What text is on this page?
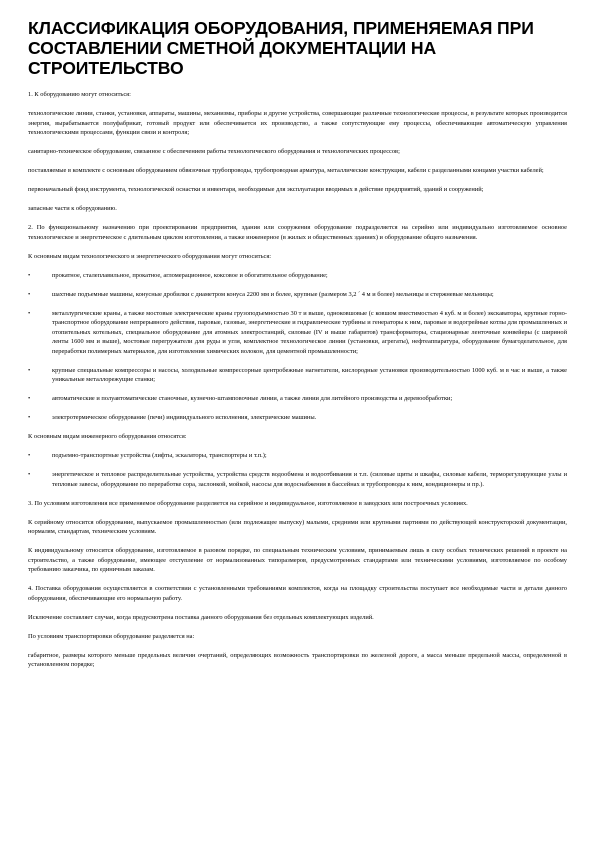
КЛАССИФИКАЦИЯ ОБОРУДОВАНИЯ, ПРИМЕНЯЕМАЯ ПРИ СОСТАВЛЕНИИ СМЕТНОЙ ДОКУМЕНТАЦИИ НА СТРОИТЕЛЬСТВО

1. К оборудованию могут относиться:

технологические линии, станки, установки, аппараты, машины, механизмы, приборы и другие устройства, совершающие различные технологические процессы, в результате которых производится энергия, вырабатывается полуфабрикат, готовый продукт или обеспечивается их производство, а также сопутствующие ему процессы, обеспечивающие автоматическую управления технологическими процессами, функции связи и контроля;

санитарно-техническое оборудование, связанное с обеспечением работы технологического оборудования и технологических процессов;

поставляемые в комплекте с основным оборудованием обвязочные трубопроводы, трубопроводная арматура, металлические конструкции, кабели с разделанными концами участки кабелей;

первоначальный фонд инструмента, технологической оснастки и инвентаря, необходимые для эксплуатации вводимых в действие предприятий, зданий и сооружений;

запасные части к оборудованию.

2. По функциональному назначению при проектировании предприятия, здания или сооружения оборудование подразделяется на серийно или индивидуально изготовляемое основное технологическое и энергетическое с длительным циклом изготовления, а также инженерное (в жилых и общественных зданиях) и оборудование общего назначения.

К основным видам технологического и энергетического оборудования могут относиться:

•	прокатное, сталеплавильное, прокатное, агломерационное, коксовое и обогатительное оборудование;
•	шахтные подъемные машины, конусные дробилки с диаметром конуса 2200 мм и более, крупные (размером 3,2 ´ 4 м и более) мельницы и стержневые мельницы;
•	металлургические краны, а также мостовые электрические краны грузоподъемностью 30 т и выше, одноковшовые (с ковшом вместимостью 4 куб. м и более) экскаваторы, крупные горно-транспортное оборудование непрерывного действия, паровые, газовые, энергетические и гидравлические турбины и генераторы к ним, паровые и водогрейные котлы для промышленных и отопительных котельных, специальное оборудование для атомных электростанций, силовые (IV и выше габаритов) трансформаторы, стационарные ленточные конвейеры (с шириной ленты 1600 мм и выше), мостовые перегружатели для руды и угля, комплектное технологическое линии (установки, агрегаты), нефтеаппаратура, оборудование бумагоделательное, для переработки полимерных материалов, для изготовления химических волокон, для цементной промышленности;
•	крупные специальные компрессоры и насосы, холодильные компрессорные центробежные нагнетатели, кислородные установки производительностью 1000 куб. м в час и выше, а также уникальные металлорежущие станки;
•	автоматические и полуавтоматические станочные, кузнечно-штамповочные линии, а также линии для литейного производства и деревообработки;
•	электротермическое оборудование (печи) индивидуального исполнения, электрические машины.

К основным видам инженерного оборудования относятся:

•	подъемно-транспортные устройства (лифты, эскалаторы, транспортеры и т.п.);
•	энергетическое и тепловое распределительные устройства, устройства средств водообмена и водоотбивания и т.п. (силовые щиты и шкафы, силовые кабели, терморегулирующие узлы и тепловые завесы, оборудование по переработке сора, заслонкой, мойкой, насосы для водоснабжения в бассейнах и трубопроводы к ним, кондиционеры и пр.).

3. По условиям изготовления все применяемое оборудование разделяется на серийное и индивидуальное, изготовляемое в заводских или построечных условиях.

К серийному относится оборудование, выпускаемое промышленностью (или подлежащее выпуску) малыми, средними или крупными партиями по действующей конструкторской документации, нормалям, стандартам, техническим условиям.

К индивидуальному относится оборудование, изготовляемое в разовом порядке, по специальным техническим условиям, принимаемым лишь в силу особых технических решений в проекте на строительство, а также оборудование, имеющее отступление от нормализованных типоразмеров, предусмотренных стандартами или техническими условиями, изготовляемое по особому требованию заказчика, по единичным заказам.

4. Поставка оборудования осуществляется в соответствии с установленными требованиями комплектов, когда на площадку строительства поступает все необходимые части и детали данного оборудования, обеспечивающие его нормальную работу.

Исключение составляет случаи, когда предусмотрена поставка данного оборудования без отдельных комплектующих изделий.

По условиям транспортировки оборудование разделяется на:

габаритное, размеры которого меньше предельных величин очертаний, определяющих возможность транспортировки по железной дороге, а масса меньше предельной массы, определенной в установленном порядке;
